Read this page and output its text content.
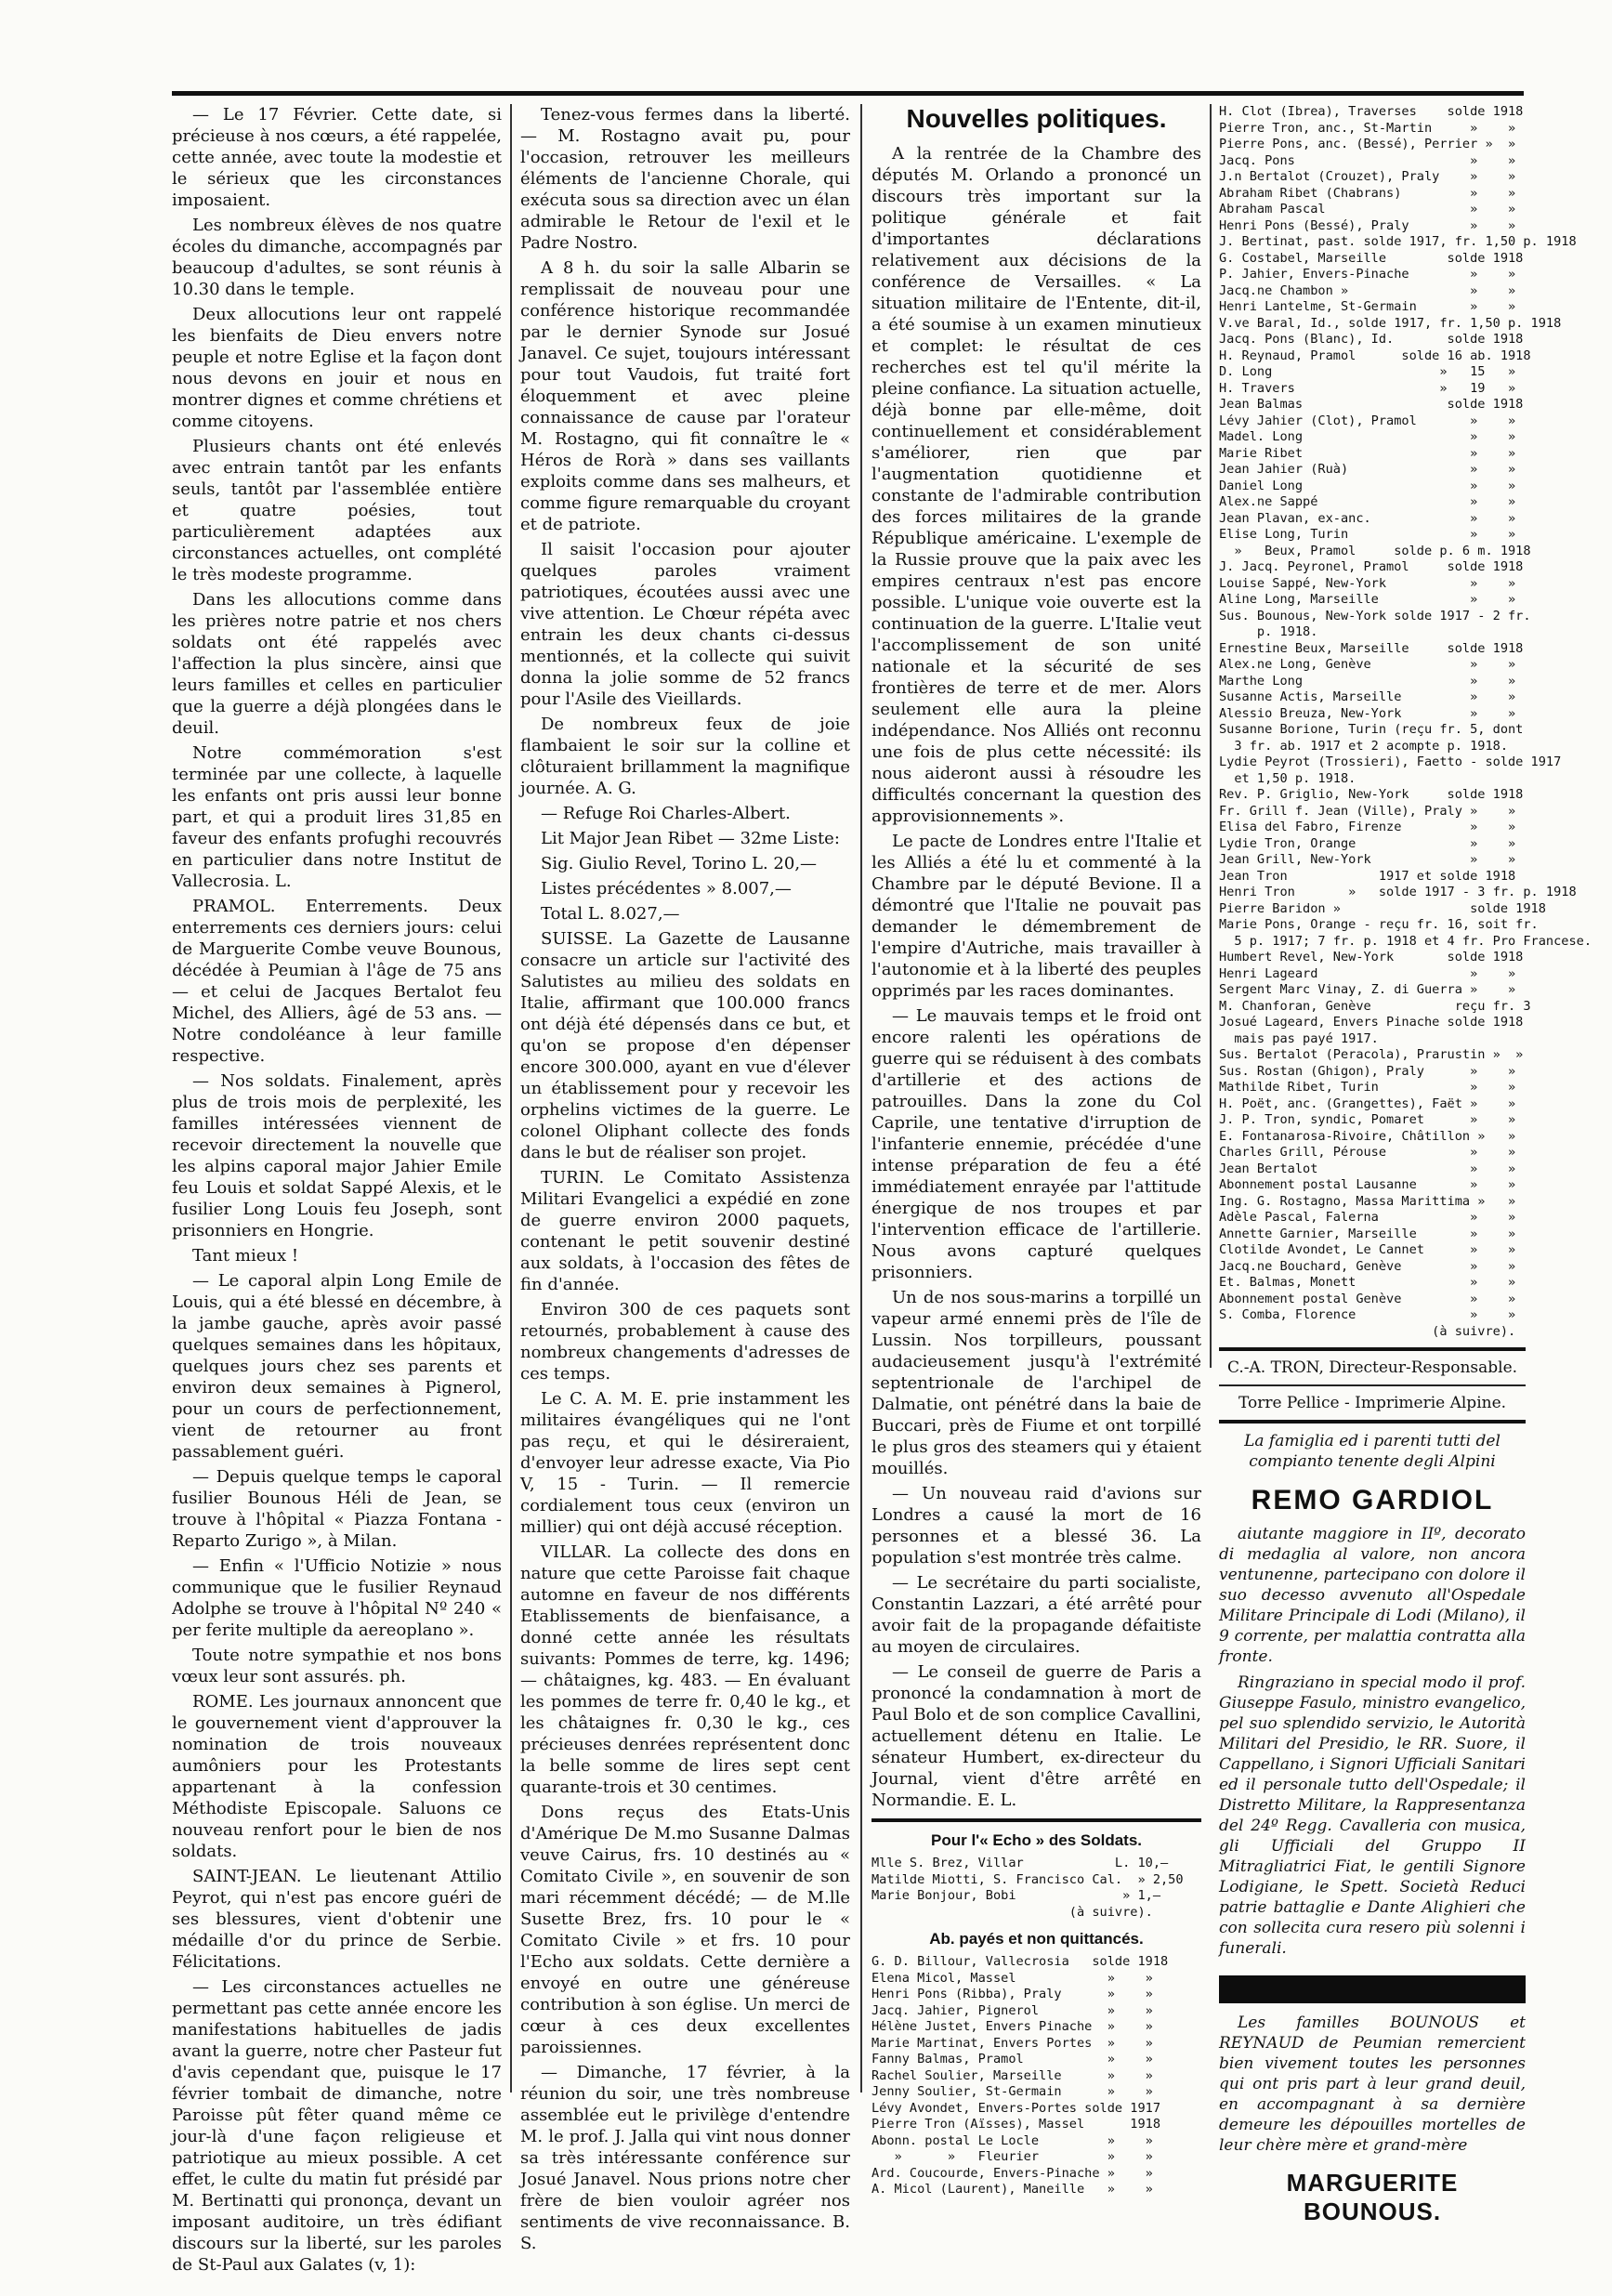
— Le 17 Février. Cette date, si précieuse à nos cœurs, a été rappelée, cette année, avec toute la modestie et le sérieux que les circonstances imposaient.

Les nombreux élèves de nos quatre écoles du dimanche, accompagnés par beaucoup d'adultes, se sont réunis à 10.30 dans le temple.

Deux allocutions leur ont rappelé les bienfaits de Dieu envers notre peuple et notre Eglise et la façon dont nous devons en jouir et nous en montrer dignes et comme chrétiens et comme citoyens.

Plusieurs chants ont été enlevés avec entrain tantôt par les enfants seuls, tantôt par l'assemblée entière et quatre poésies, tout particulièrement adaptées aux circonstances actuelles, ont complété le très modeste programme.

Dans les allocutions comme dans les prières notre patrie et nos chers soldats ont été rappelés avec l'affection la plus sincère, ainsi que leurs familles et celles en particulier que la guerre a déjà plongées dans le deuil.

Notre commémoration s'est terminée par une collecte, à laquelle les enfants ont pris aussi leur bonne part, et qui a produit lires 31,85 en faveur des enfants profughi recouvrés en particulier dans notre Institut de Vallecrosia. L.

PRAMOL. Enterrements. Deux enterrements ces derniers jours: celui de Marguerite Combe veuve Bounous, décédée à Peumian à l'âge de 75 ans — et celui de Jacques Bertalot feu Michel, des Alliers, âgé de 53 ans. — Notre condoléance à leur famille respective.

— Nos soldats. Finalement, après plus de trois mois de perplexité, les familles intéressées viennent de recevoir directement la nouvelle que les alpins caporal major Jahier Emile feu Louis et soldat Sappé Alexis, et le fusilier Long Louis feu Joseph, sont prisonniers en Hongrie.

Tant mieux !

— Le caporal alpin Long Emile de Louis, qui a été blessé en décembre, à la jambe gauche, après avoir passé quelques semaines dans les hôpitaux, quelques jours chez ses parents et environ deux semaines à Pignerol, pour un cours de perfectionnement, vient de retourner au front passablement guéri.

— Depuis quelque temps le caporal fusilier Bounous Héli de Jean, se trouve à l'hôpital « Piazza Fontana - Reparto Zurigo », à Milan.

— Enfin « l'Ufficio Notizie » nous communique que le fusilier Reynaud Adolphe se trouve à l'hôpital Nº 240 « per ferite multiple da aereoplano ».

Toute notre sympathie et nos bons vœux leur sont assurés. ph.

ROME. Les journaux annoncent que le gouvernement vient d'approuver la nomination de trois nouveaux aumôniers pour les Protestants appartenant à la confession Méthodiste Episcopale. Saluons ce nouveau renfort pour le bien de nos soldats.

SAINT-JEAN. Le lieutenant Attilio Peyrot, qui n'est pas encore guéri de ses blessures, vient d'obtenir une médaille d'or du prince de Serbie. Félicitations.

— Les circonstances actuelles ne permettant pas cette année encore les manifestations habituelles de jadis avant la guerre, notre cher Pasteur fut d'avis cependant que, puisque le 17 février tombait de dimanche, notre Paroisse pût fêter quand même ce jour-là d'une façon religieuse et patriotique au mieux possible. A cet effet, le culte du matin fut présidé par M. Bertinatti qui prononça, devant un imposant auditoire, un très édifiant discours sur la liberté, sur les paroles de St-Paul aux Galates (v, 1):

Tenez-vous fermes dans la liberté. — M. Rostagno avait pu, pour l'occasion, retrouver les meilleurs éléments de l'ancienne Chorale, qui exécuta sous sa direction avec un élan admirable le Retour de l'exil et le Padre Nostro.

A 8 h. du soir la salle Albarin se remplissait de nouveau pour une conférence historique recommandée par le dernier Synode sur Josué Janavel. Ce sujet, toujours intéressant pour tout Vaudois, fut traité fort éloquemment et avec pleine connaissance de cause par l'orateur M. Rostagno, qui fit connaître le « Héros de Rorà » dans ses vaillants exploits comme dans ses malheurs, et comme figure remarquable du croyant et de patriote.

Il saisit l'occasion pour ajouter quelques paroles vraiment patriotiques, écoutées aussi avec une vive attention. Le Chœur répéta avec entrain les deux chants ci-dessus mentionnés, et la collecte qui suivit donna la jolie somme de 52 francs pour l'Asile des Vieillards.

De nombreux feux de joie flambaient le soir sur la colline et clôturaient brillamment la magnifique journée. A. G.

— Refuge Roi Charles-Albert.

Lit Major Jean Ribet — 32me Liste:

Sig. Giulio Revel, Torino L. 20,—

Listes précédentes » 8.007,—

Total L. 8.027,—

SUISSE. La Gazette de Lausanne consacre un article sur l'activité des Salutistes au milieu des soldats en Italie, affirmant que 100.000 francs ont déjà été dépensés dans ce but, et qu'on se propose d'en dépenser encore 300.000, ayant en vue d'élever un établissement pour y recevoir les orphelins victimes de la guerre. Le colonel Oliphant collecte des fonds dans le but de réaliser son projet.

TURIN. Le Comitato Assistenza Militari Evangelici a expédié en zone de guerre environ 2000 paquets, contenant le petit souvenir destiné aux soldats, à l'occasion des fêtes de fin d'année.

Environ 300 de ces paquets sont retournés, probablement à cause des nombreux changements d'adresses de ces temps.

Le C. A. M. E. prie instamment les militaires évangéliques qui ne l'ont pas reçu, et qui le désireraient, d'envoyer leur adresse exacte, Via Pio V, 15 - Turin. — Il remercie cordialement tous ceux (environ un millier) qui ont déjà accusé réception.

VILLAR. La collecte des dons en nature que cette Paroisse fait chaque automne en faveur de nos différents Etablissements de bienfaisance, a donné cette année les résultats suivants: Pommes de terre, kg. 1496; — châtaignes, kg. 483. — En évaluant les pommes de terre fr. 0,40 le kg., et les châtaignes fr. 0,30 le kg., ces précieuses denrées représentent donc la belle somme de lires sept cent quarante-trois et 30 centimes.

Dons reçus des Etats-Unis d'Amérique De M.mo Susanne Dalmas veuve Cairus, frs. 10 destinés au « Comitato Civile », en souvenir de son mari récemment décédé; — de M.lle Susette Brez, frs. 10 pour le « Comitato Civile » et frs. 10 pour l'Echo aux soldats. Cette dernière a envoyé en outre une généreuse contribution à son église. Un merci de cœur à ces deux excellentes paroissiennes.

— Dimanche, 17 février, à la réunion du soir, une très nombreuse assemblée eut le privilège d'entendre M. le prof. J. Jalla qui vint nous donner sa très intéressante conférence sur Josué Janavel. Nous prions notre cher frère de bien vouloir agréer nos sentiments de vive reconnaissance. B. S.

Nouvelles politiques.

A la rentrée de la Chambre des députés M. Orlando a prononcé un discours très important sur la politique générale et fait d'importantes déclarations relativement aux décisions de la conférence de Versailles. « La situation militaire de l'Entente, dit-il, a été soumise à un examen minutieux et complet: le résultat de ces recherches est tel qu'il mérite la pleine confiance. La situation actuelle, déjà bonne par elle-même, doit continuellement et considérablement s'améliorer, rien que par l'augmentation quotidienne et constante de l'admirable contribution des forces militaires de la grande République américaine. L'exemple de la Russie prouve que la paix avec les empires centraux n'est pas encore possible. L'unique voie ouverte est la continuation de la guerre. L'Italie veut l'accomplissement de son unité nationale et la sécurité de ses frontières de terre et de mer. Alors seulement elle aura la pleine indépendance. Nos Alliés ont reconnu une fois de plus cette nécessité: ils nous aideront aussi à résoudre les difficultés concernant la question des approvisionnements ».

Le pacte de Londres entre l'Italie et les Alliés a été lu et commenté à la Chambre par le député Bevione. Il a démontré que l'Italie ne pouvait pas demander le démembrement de l'empire d'Autriche, mais travailler à l'autonomie et à la liberté des peuples opprimés par les races dominantes.

— Le mauvais temps et le froid ont encore ralenti les opérations de guerre qui se réduisent à des combats d'artillerie et des actions de patrouilles. Dans la zone du Col Caprile, une tentative d'irruption de l'infanterie ennemie, précédée d'une intense préparation de feu a été immédiatement enrayée par l'attitude énergique de nos troupes et par l'intervention efficace de l'artillerie. Nous avons capturé quelques prisonniers.

Un de nos sous-marins a torpillé un vapeur armé ennemi près de l'île de Lussin. Nos torpilleurs, poussant audacieusement jusqu'à l'extrémité septentrionale de l'archipel de Dalmatie, ont pénétré dans la baie de Buccari, près de Fiume et ont torpillé le plus gros des steamers qui y étaient mouillés.

— Un nouveau raid d'avions sur Londres a causé la mort de 16 personnes et a blessé 36. La population s'est montrée très calme.

— Le secrétaire du parti socialiste, Constantin Lazzari, a été arrêté pour avoir fait de la propagande défaitiste au moyen de circulaires.

— Le conseil de guerre de Paris a prononcé la condamnation à mort de Paul Bolo et de son complice Cavallini, actuellement détenu en Italie. Le sénateur Humbert, ex-directeur du Journal, vient d'être arrêté en Normandie. E. L.

Pour l'« Echo » des Soldats.
Mlle S. Brez, Villar            L. 10,—
Matilde Miotti, S. Francisco Cal.  » 2,50
Marie Bonjour, Bobi              » 1,—
(à suivre).
Ab. payés et non quittancés.
G. D. Billour, Vallecrosia   solde 1918
Elena Micol, Massel            »    »
Henri Pons (Ribba), Praly      »    »
Jacq. Jahier, Pignerol         »    »
Hélène Justet, Envers Pinache  »    »
Marie Martinat, Envers Portes  »    »
Fanny Balmas, Pramol           »    »
Rachel Soulier, Marseille      »    »
Jenny Soulier, St-Germain      »    »
Lévy Avondet, Envers-Portes solde 1917
Pierre Tron (Aïsses), Massel      1918
Abonn. postal Le Locle         »    »
»      »   Fleurier         »    »
Ard. Coucourde, Envers-Pinache »    »
A. Micol (Laurent), Maneille   »    »
H. Clot (Ibrea), Traverses    solde 1918
Pierre Tron, anc., St-Martin     »    »
Pierre Pons, anc. (Bessé), Perrier »  »
Jacq. Pons                       »    »
J.n Bertalot (Crouzet), Praly    »    »
Abraham Ribet (Chabrans)         »    »
Abraham Pascal                   »    »
Henri Pons (Bessé), Praly        »    »
J. Bertinat, past. solde 1917, fr. 1,50 p. 1918
G. Costabel, Marseille        solde 1918
P. Jahier, Envers-Pinache        »    »
Jacq.ne Chambon »                »    »
Henri Lantelme, St-Germain       »    »
V.ve Baral, Id., solde 1917, fr. 1,50 p. 1918
Jacq. Pons (Blanc), Id.       solde 1918
H. Reynaud, Pramol      solde 16 ab. 1918
D. Long                      »   15   »
H. Travers                   »   19   »
Jean Balmas                   solde 1918
Lévy Jahier (Clot), Pramol       »    »
Madel. Long                      »    »
Marie Ribet                      »    »
Jean Jahier (Ruà)                »    »
Daniel Long                      »    »
Alex.ne Sappé                    »    »
Jean Plavan, ex-anc.             »    »
Elise Long, Turin                »    »
»   Beux, Pramol     solde p. 6 m. 1918
J. Jacq. Peyronel, Pramol     solde 1918
Louise Sappé, New-York           »    »
Aline Long, Marseille            »    »
Sus. Bounous, New-York solde 1917 - 2 fr.
p. 1918.
Ernestine Beux, Marseille     solde 1918
Alex.ne Long, Genève             »    »
Marthe Long                      »    »
Susanne Actis, Marseille         »    »
Alessio Breuza, New-York         »    »
Susanne Borione, Turin (reçu fr. 5, dont
3 fr. ab. 1917 et 2 acompte p. 1918.
Lydie Peyrot (Trossieri), Faetto - solde 1917
et 1,50 p. 1918.
Rev. P. Griglio, New-York     solde 1918
Fr. Grill f. Jean (Ville), Praly »    »
Elisa del Fabro, Firenze         »    »
Lydie Tron, Orange               »    »
Jean Grill, New-York             »    »
Jean Tron            1917 et solde 1918
Henri Tron       »   solde 1917 - 3 fr. p. 1918
Pierre Baridon »                 solde 1918
Marie Pons, Orange - reçu fr. 16, soit fr.
5 p. 1917; 7 fr. p. 1918 et 4 fr. Pro Francese.
Humbert Revel, New-York       solde 1918
Henri Lageard                    »    »
Sergent Marc Vinay, Z. di Guerra »    »
M. Chanforan, Genève           reçu fr. 3
Josué Lageard, Envers Pinache solde 1918
mais pas payé 1917.
Sus. Bertalot (Peracola), Prarustin »  »
Sus. Rostan (Ghigon), Praly      »    »
Mathilde Ribet, Turin            »    »
H. Poët, anc. (Grangettes), Faët »    »
J. P. Tron, syndic, Pomaret      »    »
E. Fontanarosa-Rivoire, Châtillon »   »
Charles Grill, Pérouse           »    »
Jean Bertalot                    »    »
Abonnement postal Lausanne       »    »
Ing. G. Rostagno, Massa Marittima »   »
Adèle Pascal, Falerna            »    »
Annette Garnier, Marseille       »    »
Clotilde Avondet, Le Cannet      »    »
Jacq.ne Bouchard, Genève         »    »
Et. Balmas, Monett               »    »
Abonnement postal Genève         »    »
S. Comba, Florence               »    »
(à suivre).
C.-A. TRON, Directeur-Responsable.
Torre Pellice - Imprimerie Alpine.
La famiglia ed i parenti tutti del compianto tenente degli Alpini
REMO GARDIOL
aiutante maggiore in IIº, decorato di medaglia al valore, non ancora ventunenne, partecipano con dolore il suo decesso avvenuto all'Ospedale Militare Principale di Lodi (Milano), il 9 corrente, per malattia contratta alla fronte.
Ringraziano in special modo il prof. Giuseppe Fasulo, ministro evangelico, pel suo splendido servizio, le Autorità Militari del Presidio, le RR. Suore, il Cappellano, i Signori Ufficiali Sanitari ed il personale tutto dell'Ospedale; il Distretto Militare, la Rappresentanza del 24º Regg. Cavalleria con musica, gli Ufficiali del Gruppo II Mitragliatrici Fiat, le gentili Signore Lodigiane, le Spett. Società Reduci patrie battaglie e Dante Alighieri che con sollecita cura resero più solenni i funerali.
Les familles BOUNOUS et REYNAUD de Peumian remercient bien vivement toutes les personnes qui ont pris part à leur grand deuil, en accompagnant à sa dernière demeure les dépouilles mortelles de leur chère mère et grand-mère
MARGUERITE BOUNOUS.
